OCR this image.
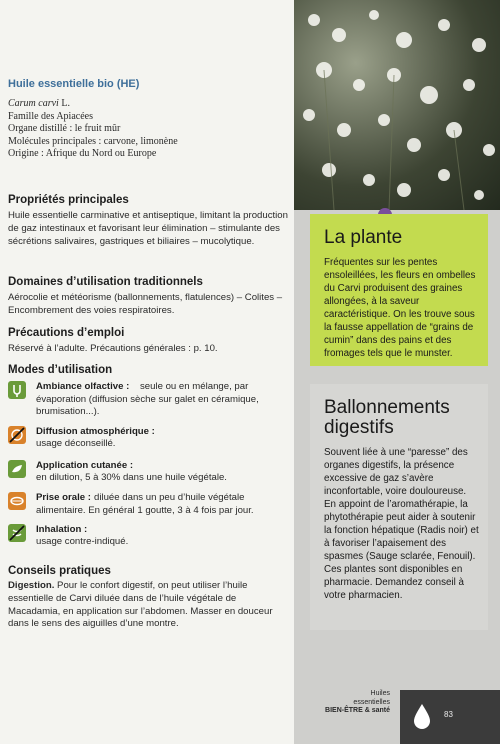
Huile essentielle bio (HE)
Carum carvi L.
Famille des Apiacées
Organe distillé : le fruit mûr
Molécules principales : carvone, limonène
Origine : Afrique du Nord ou Europe
Propriétés principales
Huile essentielle carminative et antiseptique, limitant la production de gaz intestinaux et favorisant leur élimination – stimulante des sécrétions salivaires, gastriques et biliaires – mucolytique.
Domaines d’utilisation traditionnels
Aérocolie et météorisme (ballonnements, flatulences) – Colites – Encombrement des voies respiratoires.
Précautions d’emploi
Réservé à l’adulte. Précautions générales : p. 10.
Modes d’utilisation
Ambiance olfactive :	seule ou en mélange, par évaporation (diffusion sèche sur galet en céramique, brumisation...).
Diffusion atmosphérique :
usage déconseillé.
Application cutanée :
en dilution, 5 à 30% dans une huile végétale.
Prise orale : diluée dans un peu d’huile végétale alimentaire. En général 1 goutte, 3 à 4 fois par jour.
Inhalation :
usage contre-indiqué.
Conseils pratiques
Digestion. Pour le confort digestif, on peut utiliser l’huile essentielle de Carvi diluée dans de l’huile végétale de Macadamia, en application sur l’abdomen. Masser en douceur dans le sens des aiguilles d’une montre.
La plante
Fréquentes sur les pentes ensoleillées, les fleurs en ombelles du Carvi produisent des graines allongées, à la saveur caractéristique. On les trouve sous la fausse appellation de “grains de cumin” dans des pains et des fromages tels que le munster.
Ballonnements digestifs
Souvent liée à une “paresse” des organes digestifs, la présence excessive de gaz s’avère inconfortable, voire douloureuse. En appoint de l’aromathérapie, la phytothérapie peut aider à soutenir la fonction hépatique (Radis noir) et à favoriser l’apaisement des spasmes (Sauge sclarée, Fenouil). Ces plantes sont disponibles en pharmacie. Demandez conseil à votre pharmacien.
Huiles
essentielles
BIEN-ÊTRE & santé	83
